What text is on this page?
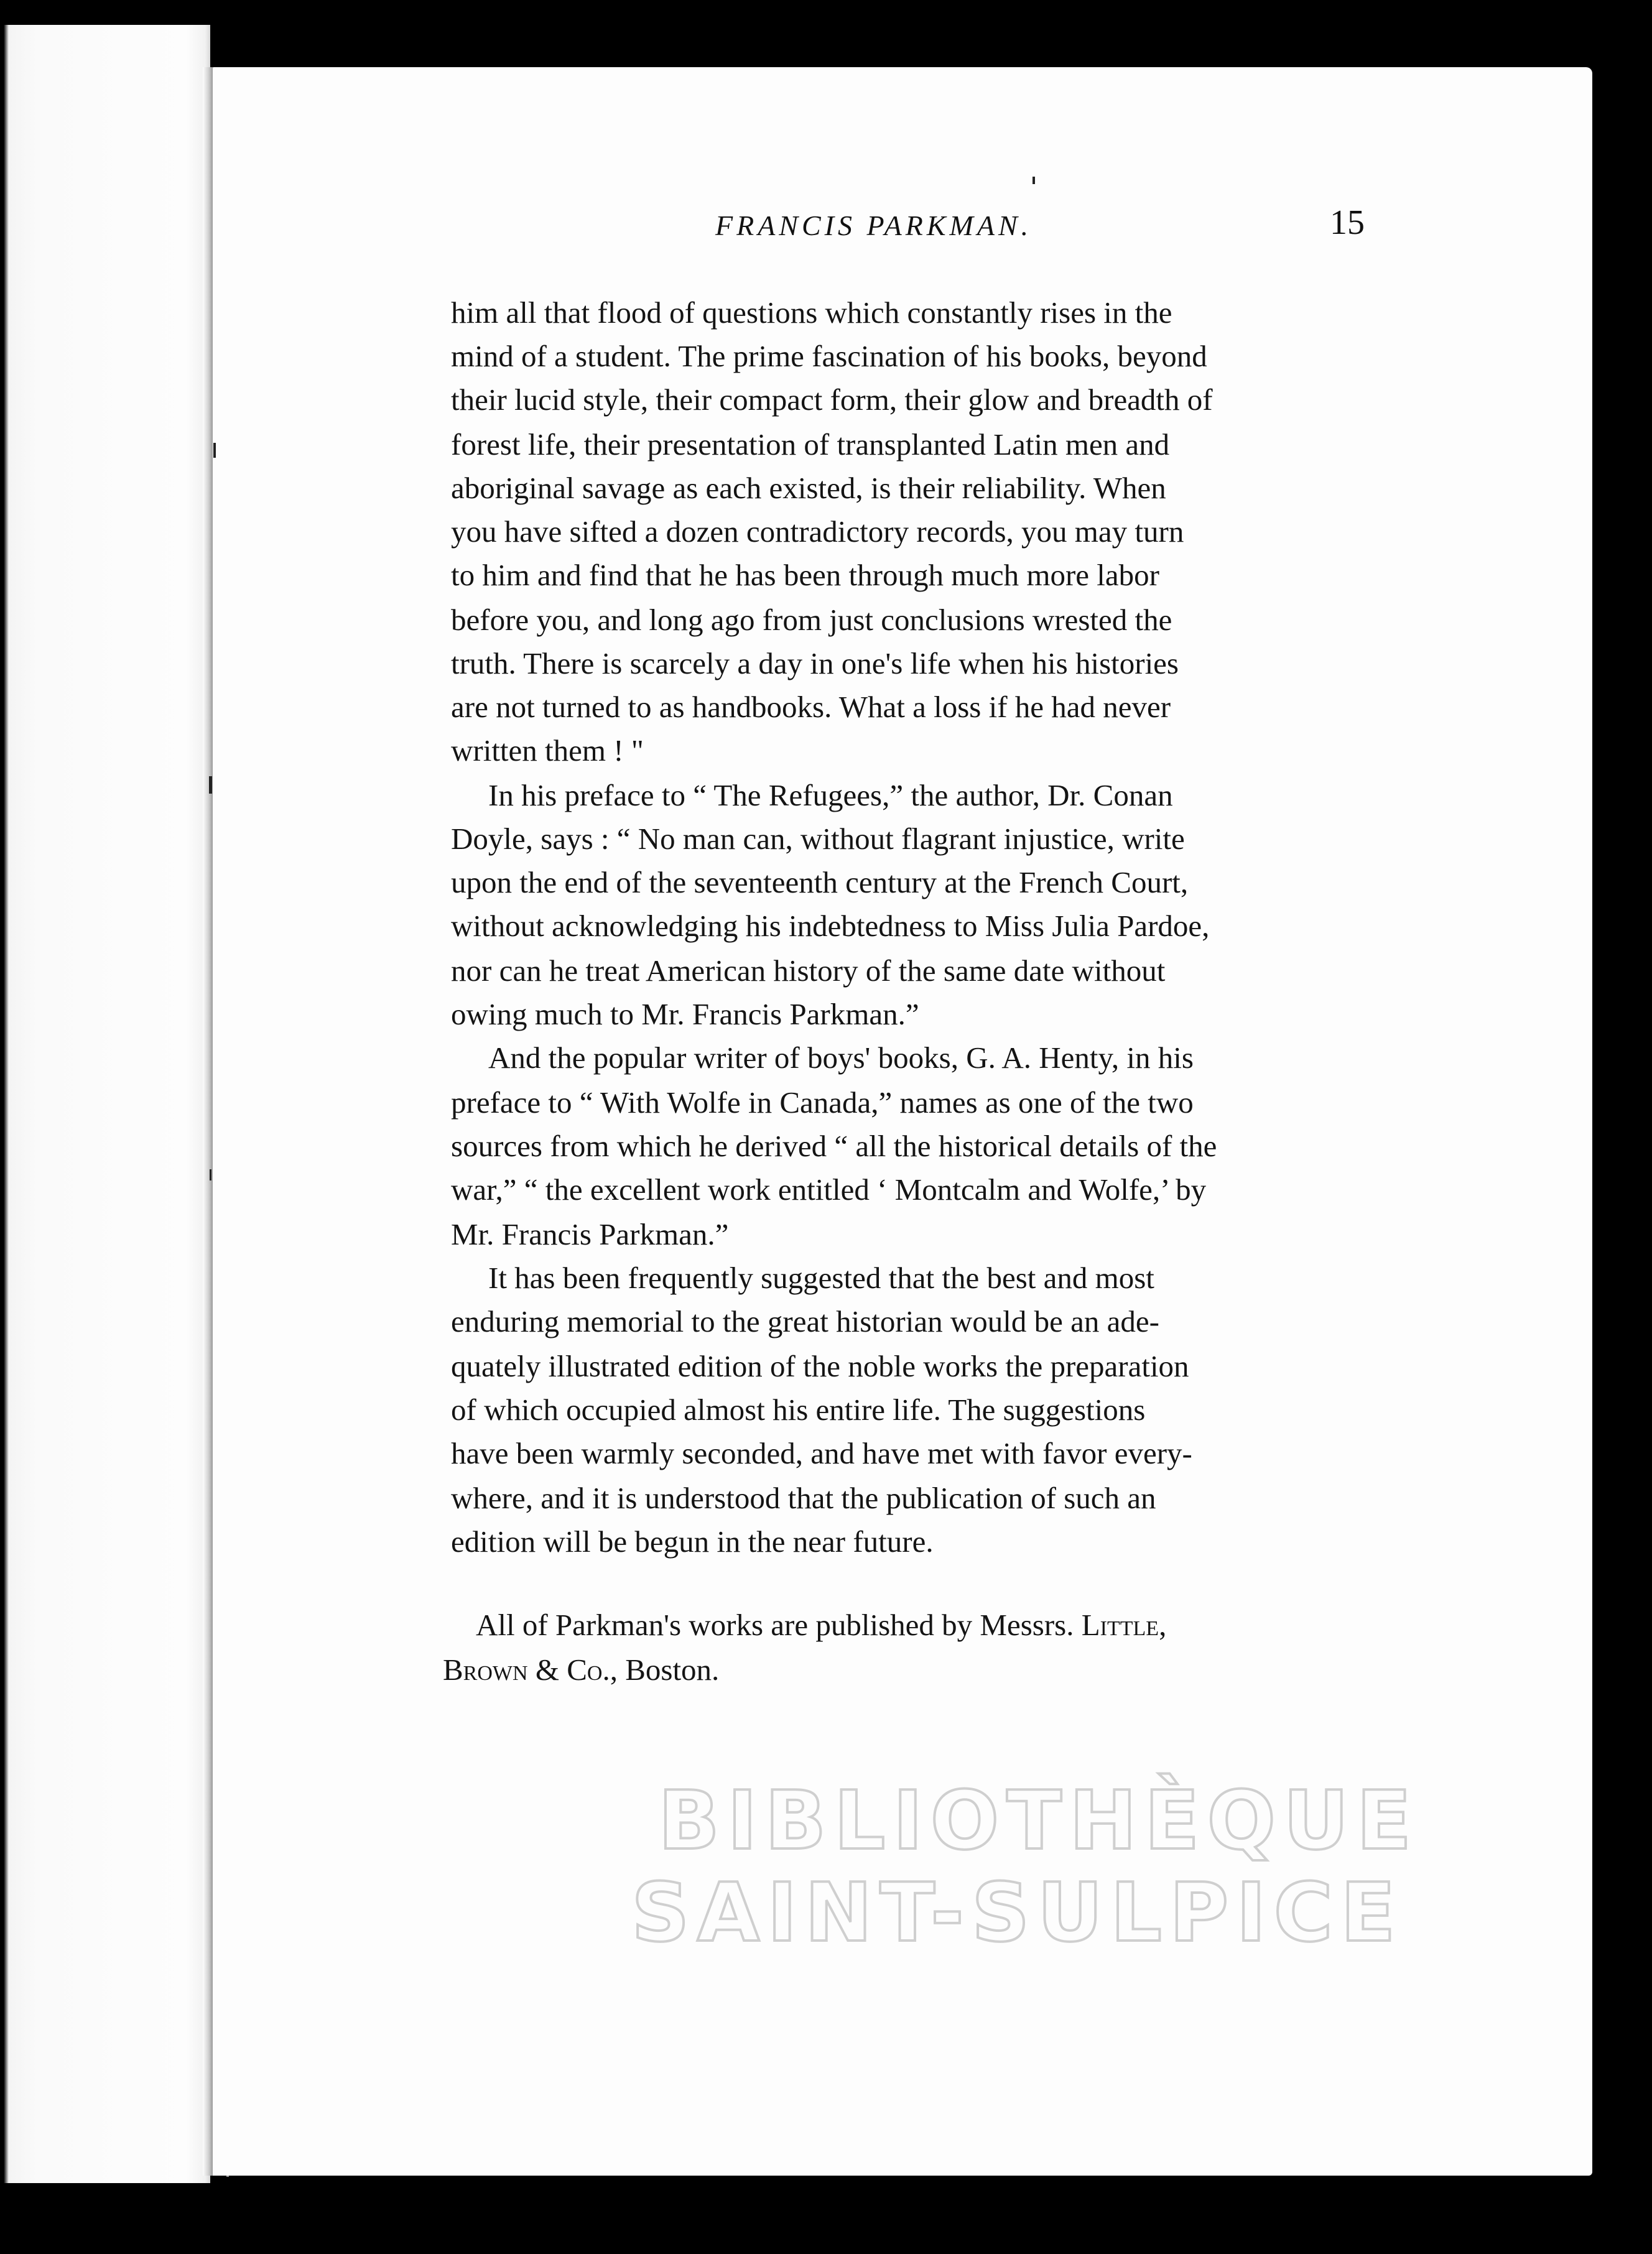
FRANCIS PARKMAN.	15
him all that flood of questions which constantly rises in the
mind of a student. The prime fascination of his books, beyond
their lucid style, their compact form, their glow and breadth of
forest life, their presentation of transplanted Latin men and
aboriginal savage as each existed, is their reliability. When
you have sifted a dozen contradictory records, you may turn
to him and find that he has been through much more labor
before you, and long ago from just conclusions wrested the
truth. There is scarcely a day in one's life when his histories
are not turned to as handbooks. What a loss if he had never
written them ! "
In his preface to “ The Refugees,” the author, Dr. Conan
Doyle, says : “ No man can, without flagrant injustice, write
upon the end of the seventeenth century at the French Court,
without acknowledging his indebtedness to Miss Julia Pardoe,
nor can he treat American history of the same date without
owing much to Mr. Francis Parkman.”
And the popular writer of boys' books, G. A. Henty, in his
preface to “ With Wolfe in Canada,” names as one of the two
sources from which he derived “ all the historical details of the
war,” “ the excellent work entitled ‘ Montcalm and Wolfe,’ by
Mr. Francis Parkman.”
It has been frequently suggested that the best and most
enduring memorial to the great historian would be an ade-
quately illustrated edition of the noble works the preparation
of which occupied almost his entire life. The suggestions
have been warmly seconded, and have met with favor every-
where, and it is understood that the publication of such an
edition will be begun in the near future.
All of Parkman's works are published by Messrs. Little,
Brown & Co., Boston.
BIBLIOTHÈQUE
SAINT-SULPICE
